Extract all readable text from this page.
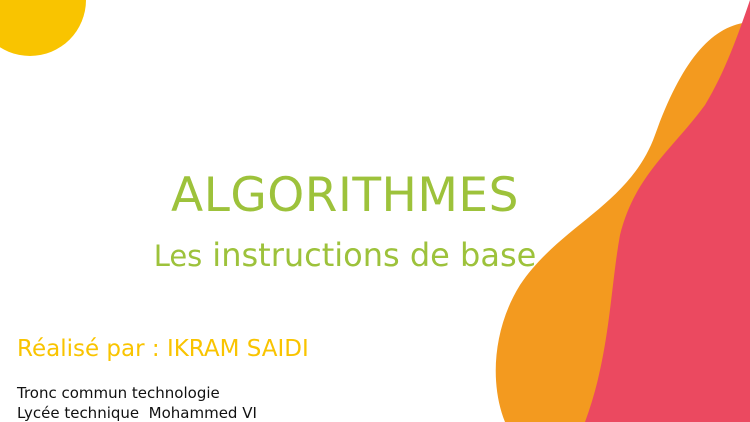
ALGORITHMES
Les instructions de base
Réalisé par : IKRAM SAIDI
Tronc commun technologie
Lycée technique  Mohammed VI
